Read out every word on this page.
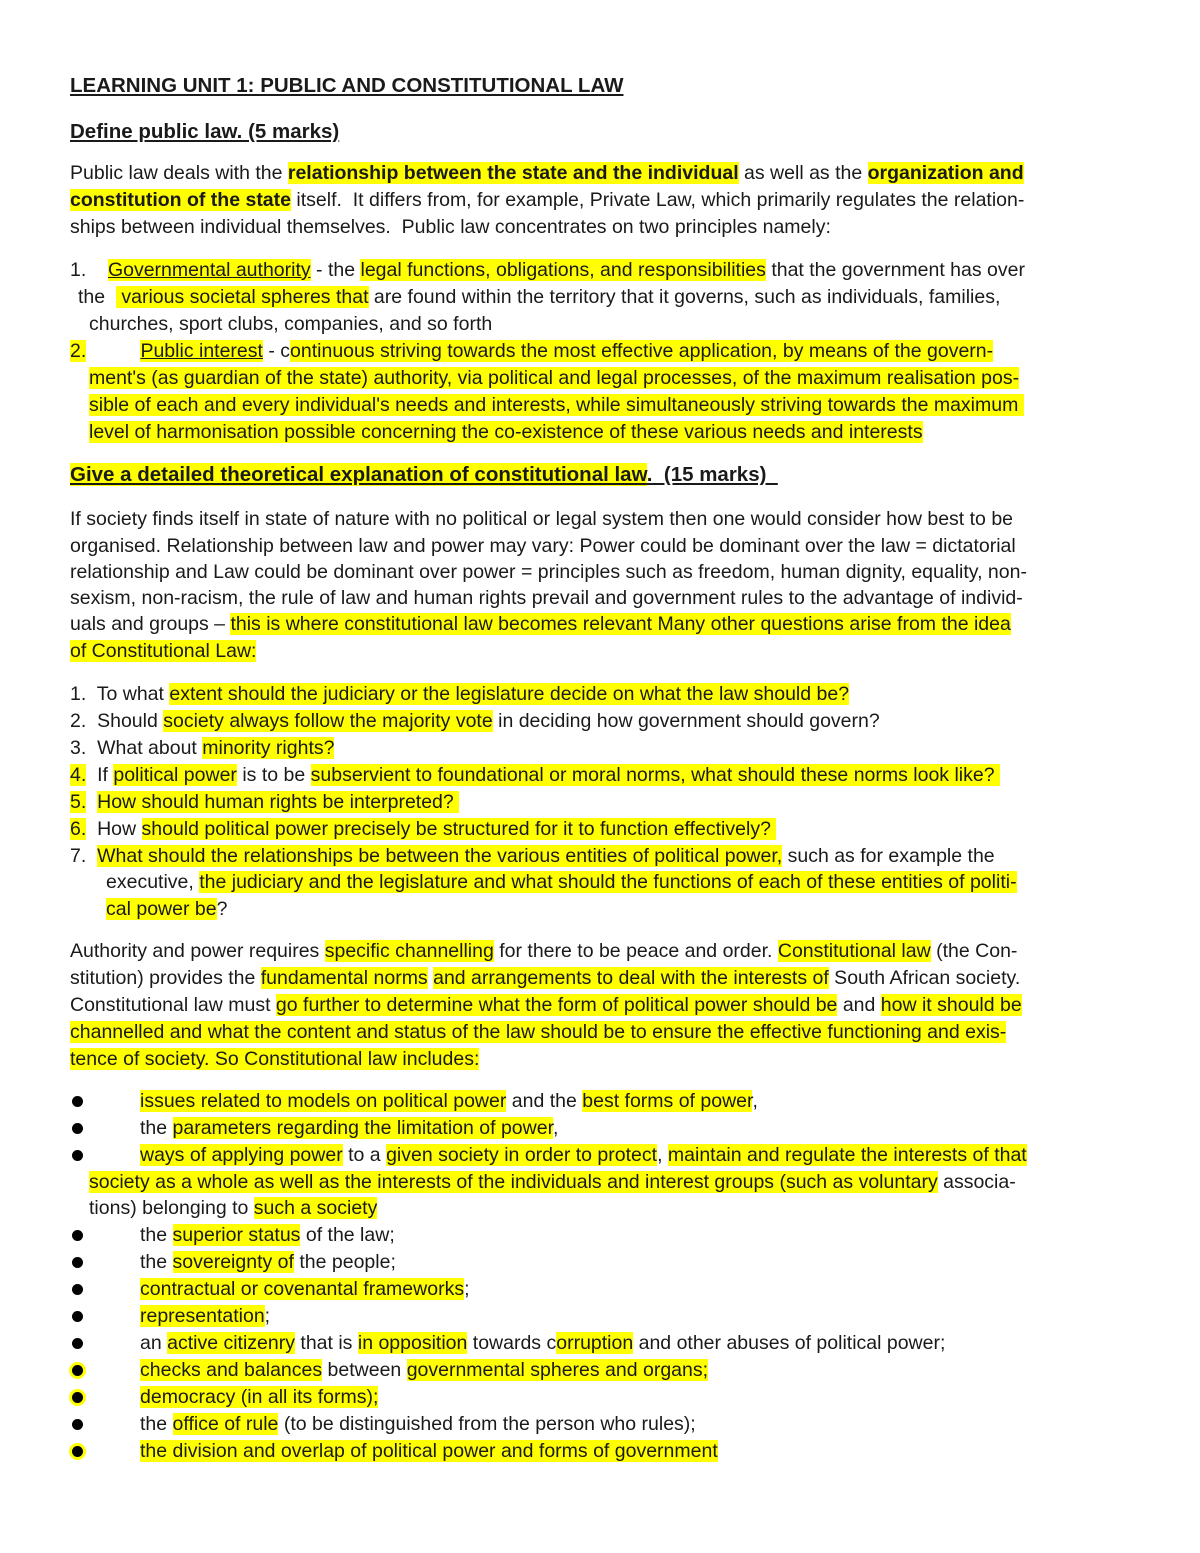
LEARNING UNIT 1: PUBLIC AND CONSTITUTIONAL LAW
Define public law. (5 marks)
Public law deals with the relationship between the state and the individual as well as the organization and
constitution of the state itself.  It differs from, for example, Private Law, which primarily regulates the relation-
ships between individual themselves.  Public law concentrates on two principles namely:
1.    Governmental authority - the legal functions, obligations, and responsibilities that the government has over
the   various societal spheres that are found within the territory that it governs, such as individuals, families,
churches, sport clubs, companies, and so forth
2.	Public interest - continuous striving towards the most effective application, by means of the govern-
ment's (as guardian of the state) authority, via political and legal processes, of the maximum realisation pos-
sible of each and every individual's needs and interests, while simultaneously striving towards the maximum
level of harmonisation possible concerning the co-existence of these various needs and interests
Give a detailed theoretical explanation of constitutional law.  (15 marks)
If society finds itself in state of nature with no political or legal system then one would consider how best to be
organised. Relationship between law and power may vary: Power could be dominant over the law = dictatorial
relationship and Law could be dominant over power = principles such as freedom, human dignity, equality, non-
sexism, non-racism, the rule of law and human rights prevail and government rules to the advantage of individ-
uals and groups – this is where constitutional law becomes relevant Many other questions arise from the idea
of Constitutional Law:
1.  To what extent should the judiciary or the legislature decide on what the law should be?
2.  Should society always follow the majority vote in deciding how government should govern?
3.  What about minority rights?
4.  If political power is to be subservient to foundational or moral norms, what should these norms look like?
5. How should human rights be interpreted?
6.  How should political power precisely be structured for it to function effectively?
7.  What should the relationships be between the various entities of political power, such as for example the
executive, the judiciary and the legislature and what should the functions of each of these entities of politi-
cal power be?
Authority and power requires specific channelling for there to be peace and order. Constitutional law (the Con-
stitution) provides the fundamental norms and arrangements to deal with the interests of South African society.
Constitutional law must go further to determine what the form of political power should be and how it should be
channelled and what the content and status of the law should be to ensure the effective functioning and exis-
tence of society. So Constitutional law includes:
issues related to models on political power and the best forms of power,
the parameters regarding the limitation of power,
ways of applying power to a given society in order to protect, maintain and regulate the interests of that
society as a whole as well as the interests of the individuals and interest groups (such as voluntary associa-
tions) belonging to such a society
the superior status of the law;
the sovereignty of the people;
contractual or covenantal frameworks;
representation;
an active citizenry that is in opposition towards corruption and other abuses of political power;
checks and balances between governmental spheres and organs;
democracy (in all its forms);
the office of rule (to be distinguished from the person who rules);
the division and overlap of political power and forms of government
